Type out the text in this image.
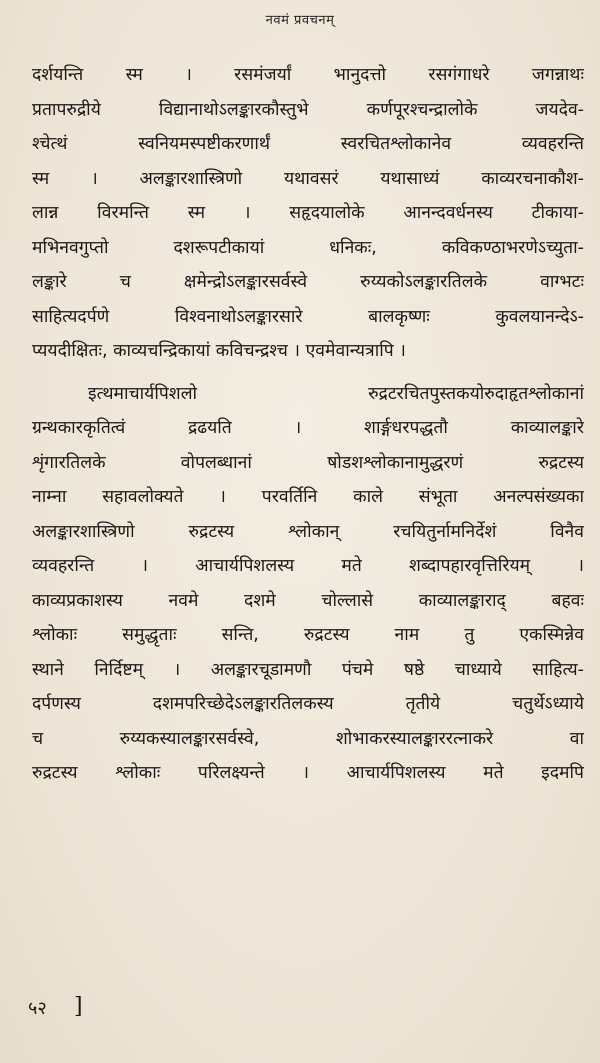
नवमं प्रवचनम्
दर्शयन्ति स्म । रसमंजर्यां भानुदत्तो रसगंगाधरे जगन्नाथः
प्रतापरुद्रीये विद्यानाथोऽलङ्कारकौस्तुभे कर्णपूरश्चन्द्रालोके जयदेव-
श्चेत्थं स्वनियमस्पष्टीकरणार्थं स्वरचितश्लोकानेव व्यवहरन्ति
स्म । अलङ्कारशास्त्रिणो यथावसरं यथासाध्यं काव्यरचनाकौश-
लान्न विरमन्ति स्म । सहृदयालोके आनन्दवर्धनस्य टीकाया-
मभिनवगुप्तो दशरूपटीकायां धनिकः, कविकण्ठाभरणेऽच्युता-
लङ्कारे च क्षमेन्द्रोऽलङ्कारसर्वस्वे रुय्यकोऽलङ्कारतिलके वाग्भटः
साहित्यदर्पणे विश्वनाथोऽलङ्कारसारे बालकृष्णः कुवलयानन्देऽ-
प्ययदीक्षितः, काव्यचन्द्रिकायां कविचन्द्रश्च । एवमेवान्यत्रापि ।
इत्थमाचार्यपिशलो रुद्रटरचितपुस्तकयोरुदाहृतश्लोकानां
ग्रन्थकारकृतित्वं द्रढयति । शार्ङ्गधरपद्धतौ काव्यालङ्कारे
शृंगारतिलके वोपलब्धानां षोडशश्लोकानामुद्धरणं रुद्रटस्य
नाम्ना सहावलोक्यते । परवर्तिनि काले संभूता अनल्पसंख्यका
अलङ्कारशास्त्रिणो रुद्रटस्य श्लोकान् रचयितुर्नामनिर्देशं विनैव
व्यवहरन्ति । आचार्यपिशलस्य मते शब्दापहारवृत्तिरियम् ।
काव्यप्रकाशस्य नवमे दशमे चोल्लासे काव्यालङ्काराद् बहवः
श्लोकाः समुद्धृताः सन्ति, रुद्रटस्य नाम तु एकस्मिन्नेव
स्थाने निर्दिष्टम् । अलङ्कारचूडामणौ पंचमे षष्ठे चाध्याये साहित्य-
दर्पणस्य दशमपरिच्छेदेऽलङ्कारतिलकस्य तृतीये चतुर्थेऽध्याये
च रुय्यकस्यालङ्कारसर्वस्वे, शोभाकरस्यालङ्काररत्नाकरे वा
रुद्रटस्य श्लोकाः परिलक्ष्यन्ते । आचार्यपिशलस्य मते इदमपि
५२ ]
